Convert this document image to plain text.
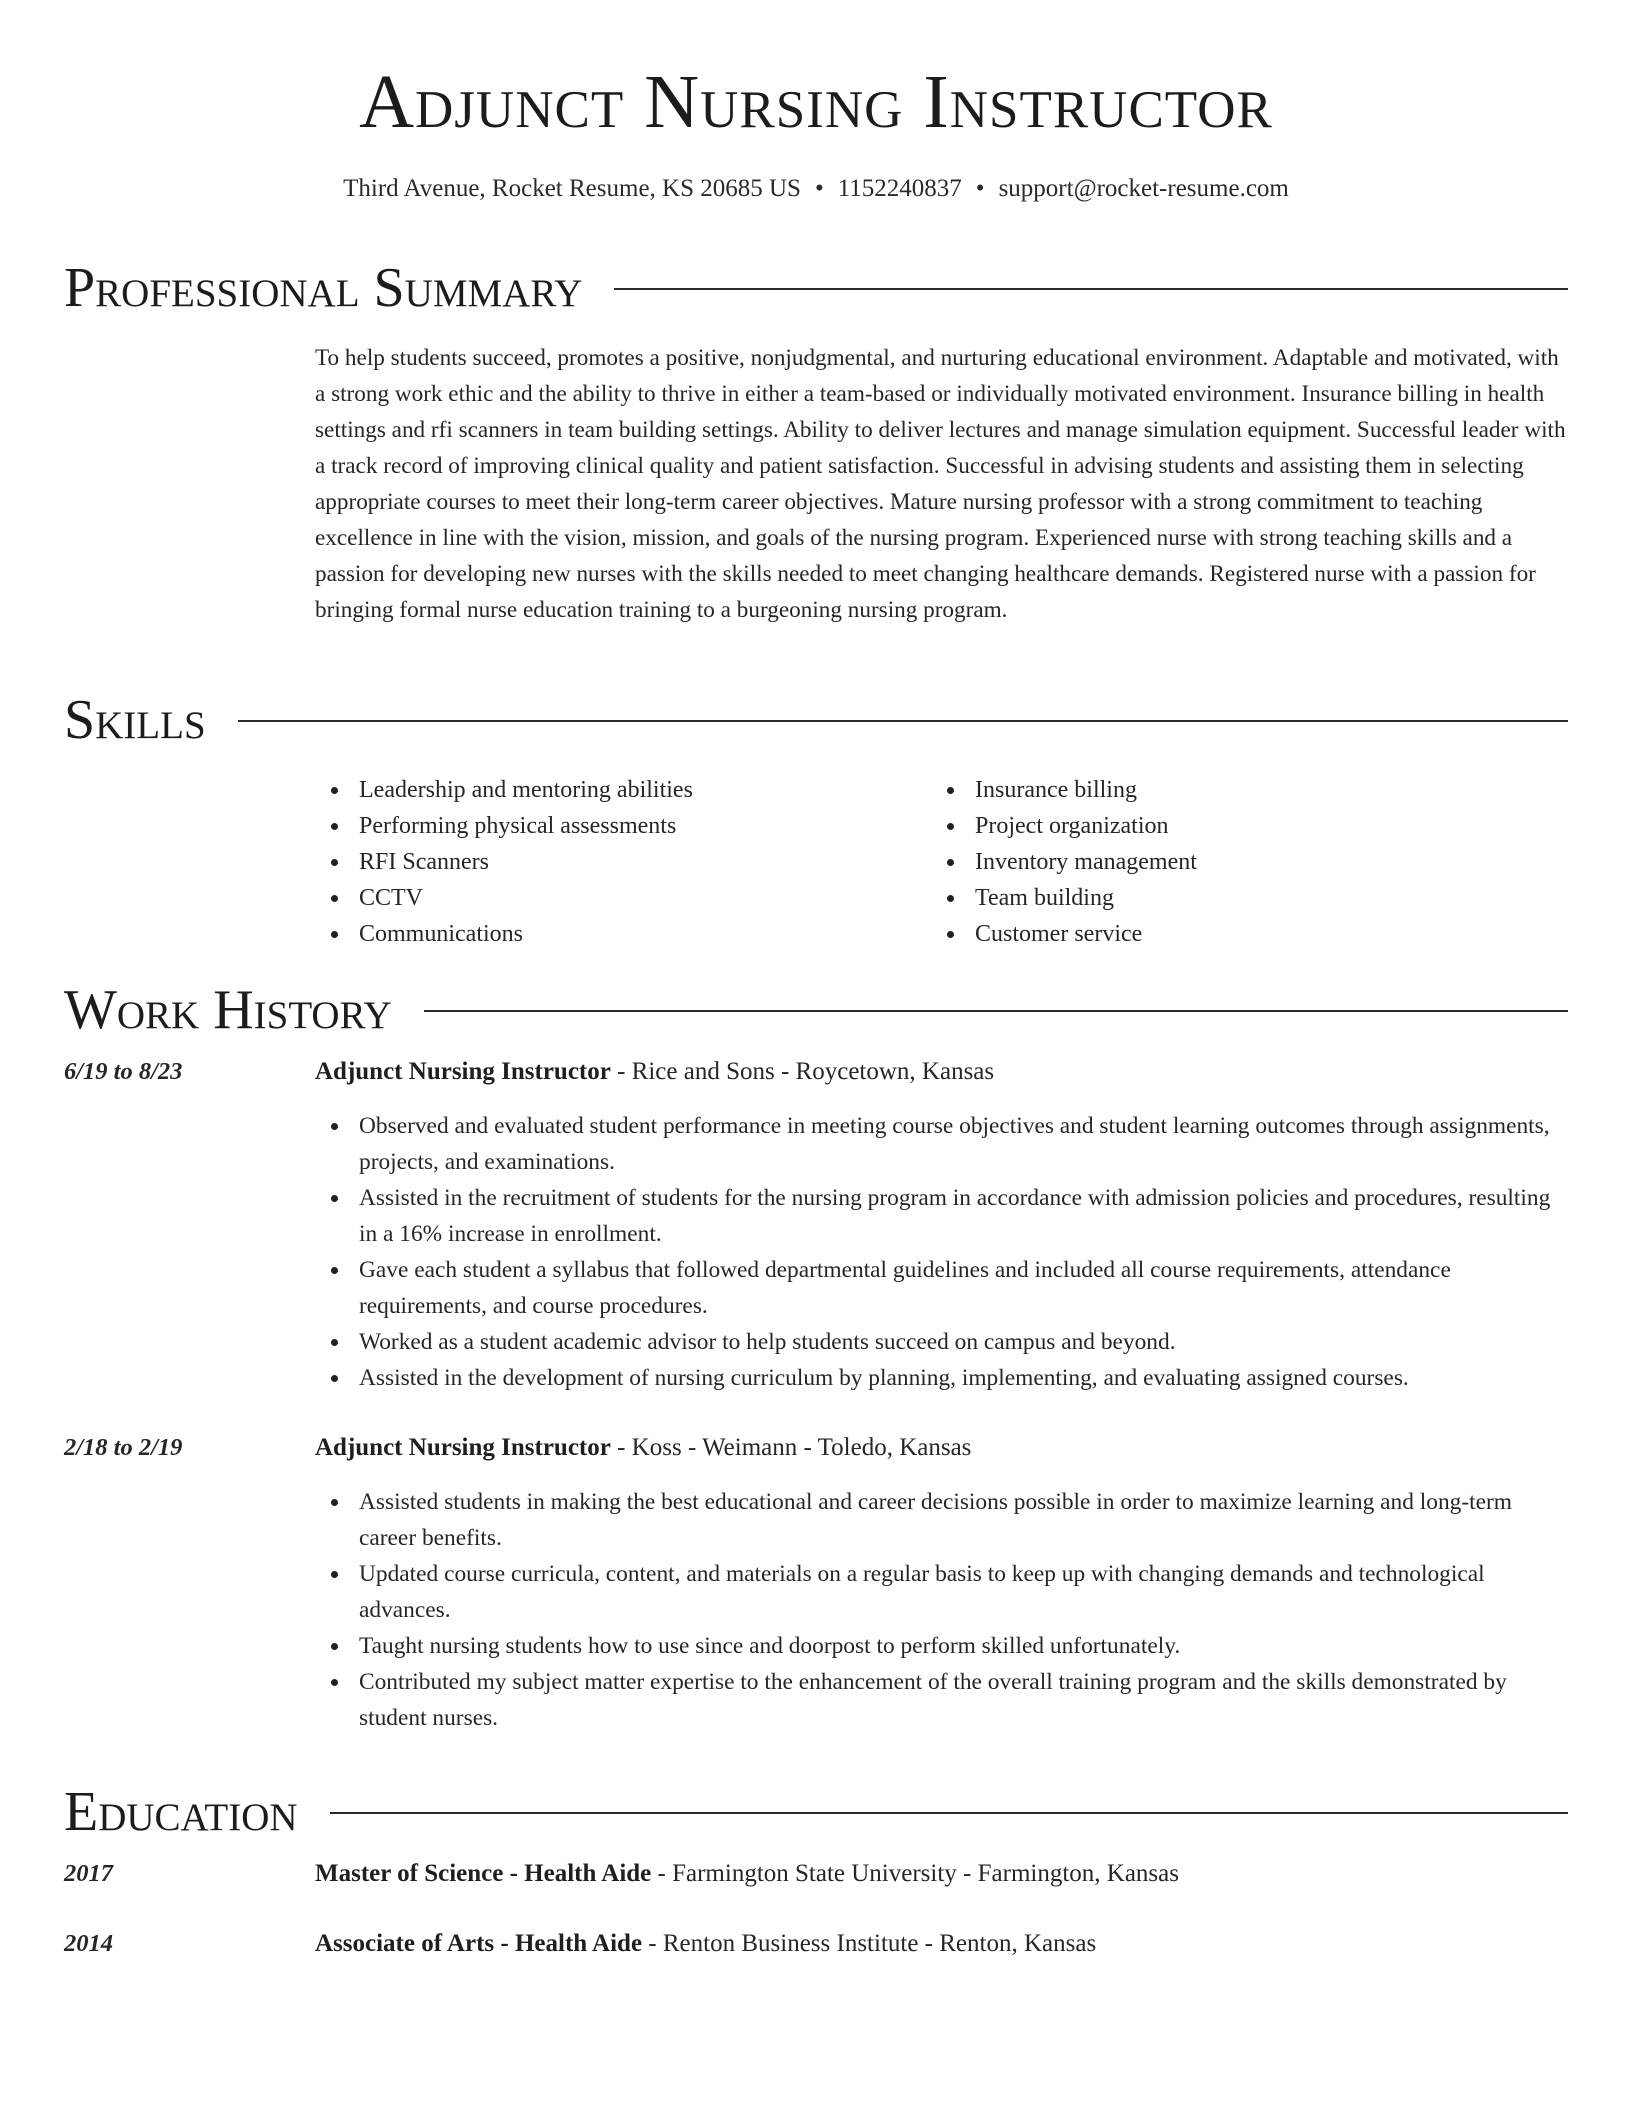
Adjunct Nursing Instructor
Third Avenue, Rocket Resume, KS 20685 US • 1152240837 • support@rocket-resume.com
Professional Summary
To help students succeed, promotes a positive, nonjudgmental, and nurturing educational environment. Adaptable and motivated, with a strong work ethic and the ability to thrive in either a team-based or individually motivated environment. Insurance billing in health settings and rfi scanners in team building settings. Ability to deliver lectures and manage simulation equipment. Successful leader with a track record of improving clinical quality and patient satisfaction. Successful in advising students and assisting them in selecting appropriate courses to meet their long-term career objectives. Mature nursing professor with a strong commitment to teaching excellence in line with the vision, mission, and goals of the nursing program. Experienced nurse with strong teaching skills and a passion for developing new nurses with the skills needed to meet changing healthcare demands. Registered nurse with a passion for bringing formal nurse education training to a burgeoning nursing program.
Skills
Leadership and mentoring abilities
Performing physical assessments
RFI Scanners
CCTV
Communications
Insurance billing
Project organization
Inventory management
Team building
Customer service
Work History
6/19 to 8/23	Adjunct Nursing Instructor - Rice and Sons - Roycetown, Kansas
Observed and evaluated student performance in meeting course objectives and student learning outcomes through assignments, projects, and examinations.
Assisted in the recruitment of students for the nursing program in accordance with admission policies and procedures, resulting in a 16% increase in enrollment.
Gave each student a syllabus that followed departmental guidelines and included all course requirements, attendance requirements, and course procedures.
Worked as a student academic advisor to help students succeed on campus and beyond.
Assisted in the development of nursing curriculum by planning, implementing, and evaluating assigned courses.
2/18 to 2/19	Adjunct Nursing Instructor - Koss - Weimann - Toledo, Kansas
Assisted students in making the best educational and career decisions possible in order to maximize learning and long-term career benefits.
Updated course curricula, content, and materials on a regular basis to keep up with changing demands and technological advances.
Taught nursing students how to use since and doorpost to perform skilled unfortunately.
Contributed my subject matter expertise to the enhancement of the overall training program and the skills demonstrated by student nurses.
Education
2017	Master of Science - Health Aide - Farmington State University - Farmington, Kansas
2014	Associate of Arts - Health Aide - Renton Business Institute - Renton, Kansas
